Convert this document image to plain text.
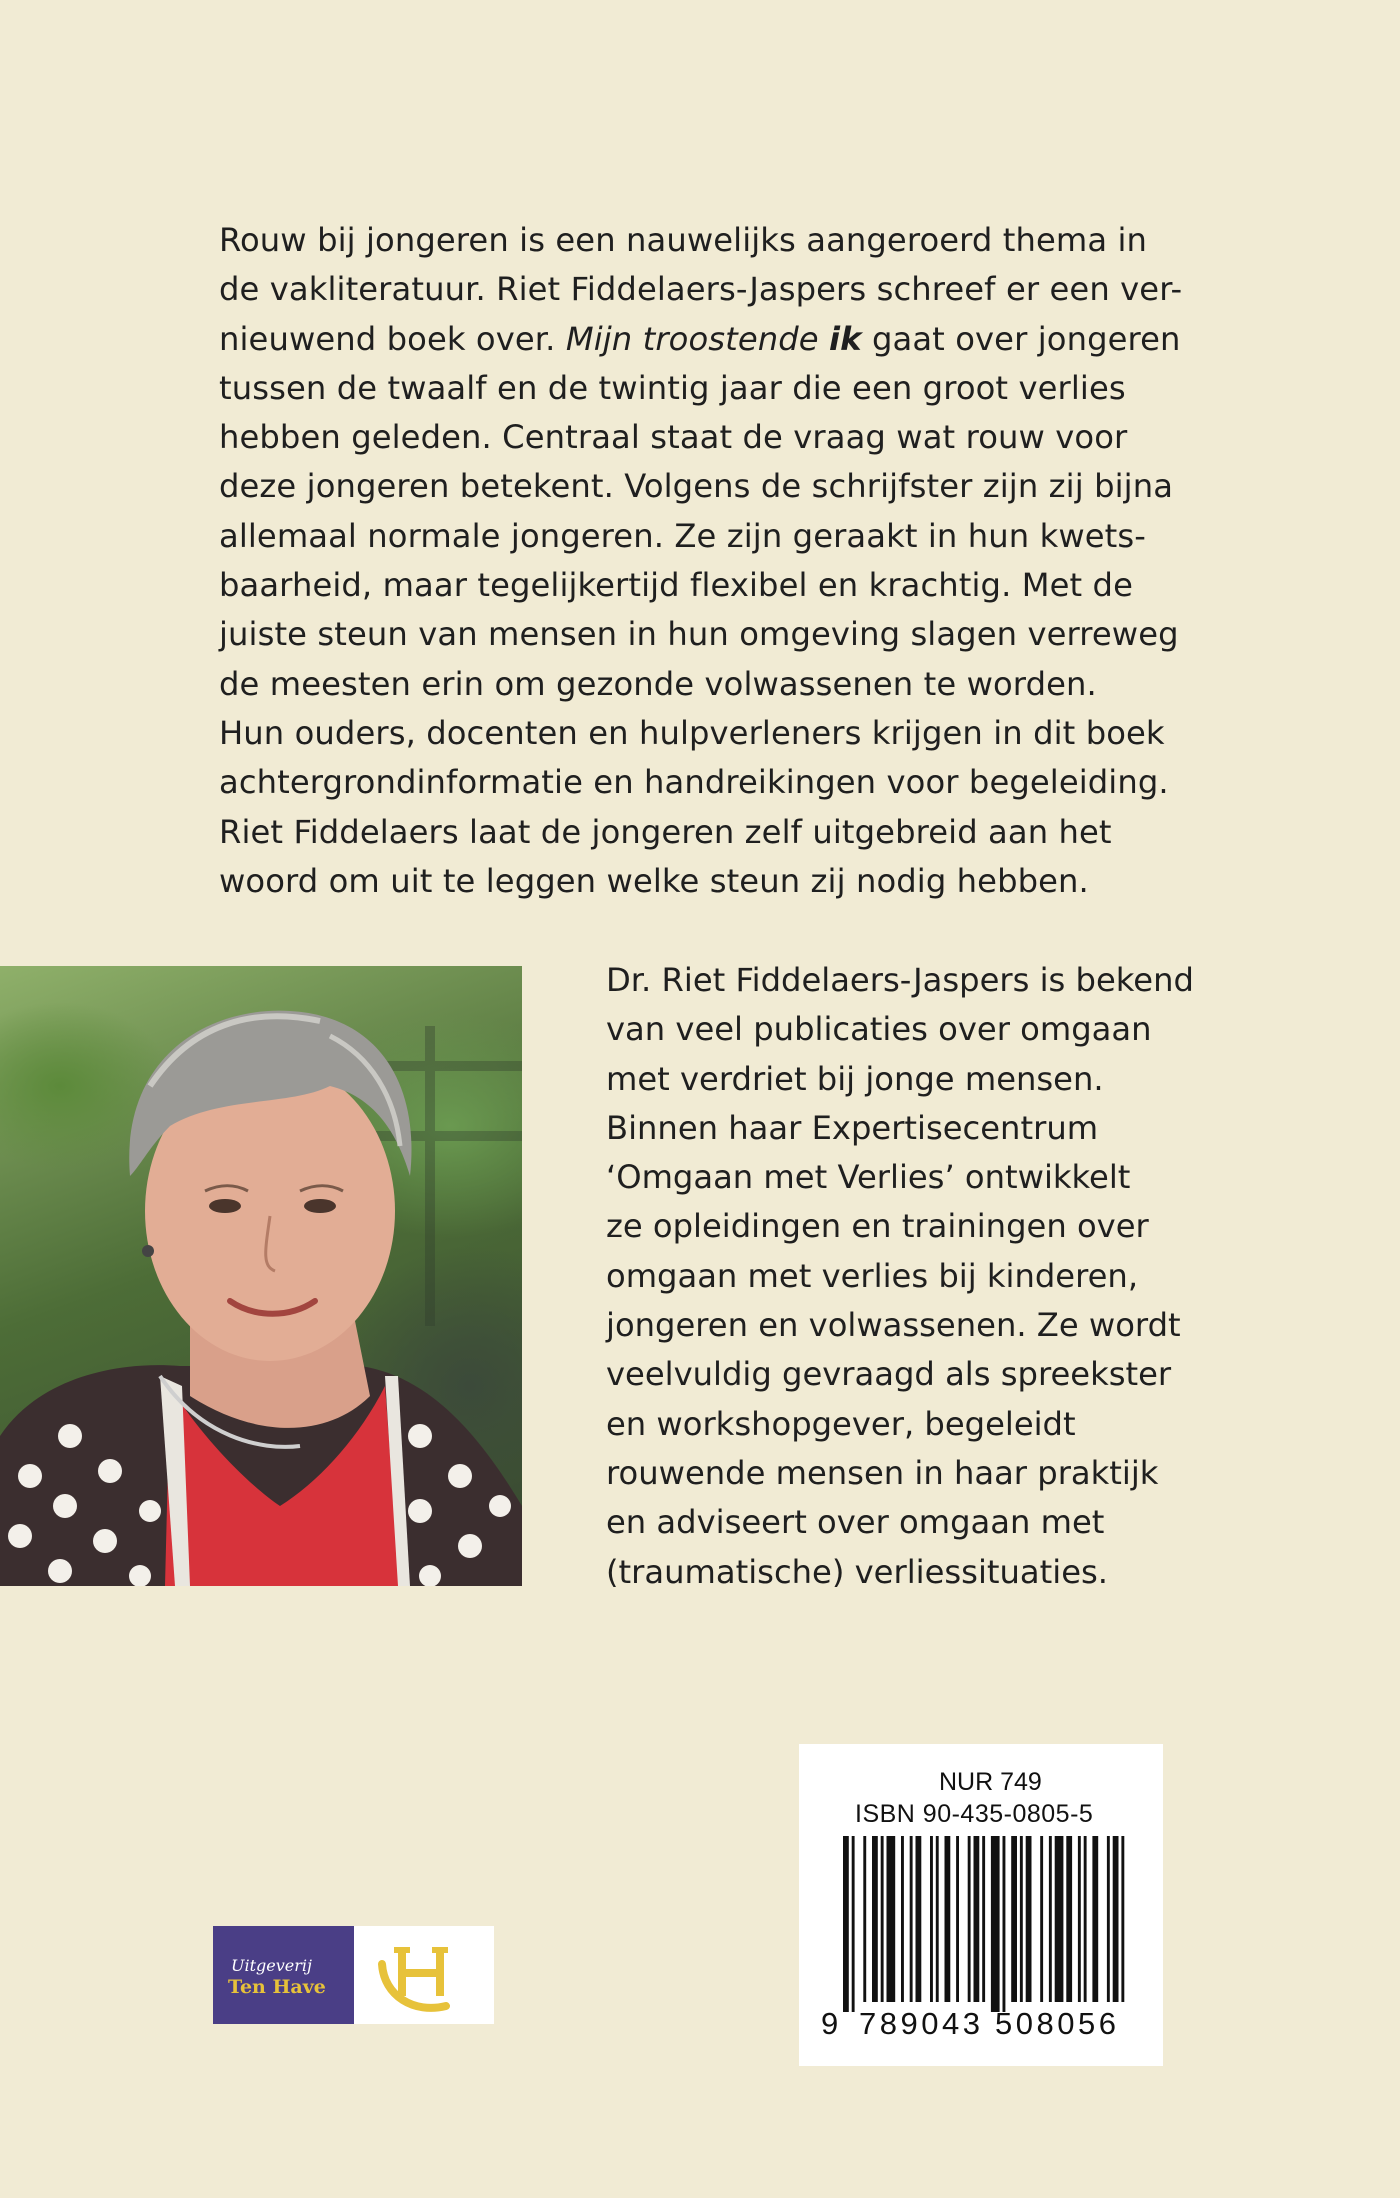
Rouw bij jongeren is een nauwelijks aangeroerd thema in
de vakliteratuur. Riet Fiddelaers-Jaspers schreef er een ver-
nieuwend boek over. Mijn troostende ik gaat over jongeren
tussen de twaalf en de twintig jaar die een groot verlies
hebben geleden. Centraal staat de vraag wat rouw voor
deze jongeren betekent. Volgens de schrijfster zijn zij bijna
allemaal normale jongeren. Ze zijn geraakt in hun kwets-
baarheid, maar tegelijkertijd flexibel en krachtig. Met de
juiste steun van mensen in hun omgeving slagen verreweg
de meesten erin om gezonde volwassenen te worden.
Hun ouders, docenten en hulpverleners krijgen in dit boek
achtergrondinformatie en handreikingen voor begeleiding.
Riet Fiddelaers laat de jongeren zelf uitgebreid aan het
woord om uit te leggen welke steun zij nodig hebben.
Dr. Riet Fiddelaers-Jaspers is bekend
van veel publicaties over omgaan
met verdriet bij jonge mensen.
Binnen haar Expertisecentrum
‘Omgaan met Verlies’ ontwikkelt
ze opleidingen en trainingen over
omgaan met verlies bij kinderen,
jongeren en volwassenen. Ze wordt
veelvuldig gevraagd als spreekster
en workshopgever, begeleidt
rouwende mensen in haar praktijk
en adviseert over omgaan met
(traumatische) verliessituaties.
NUR 749
ISBN 90-435-0805-5
9 789043 508056
Uitgeverij
Ten Have
